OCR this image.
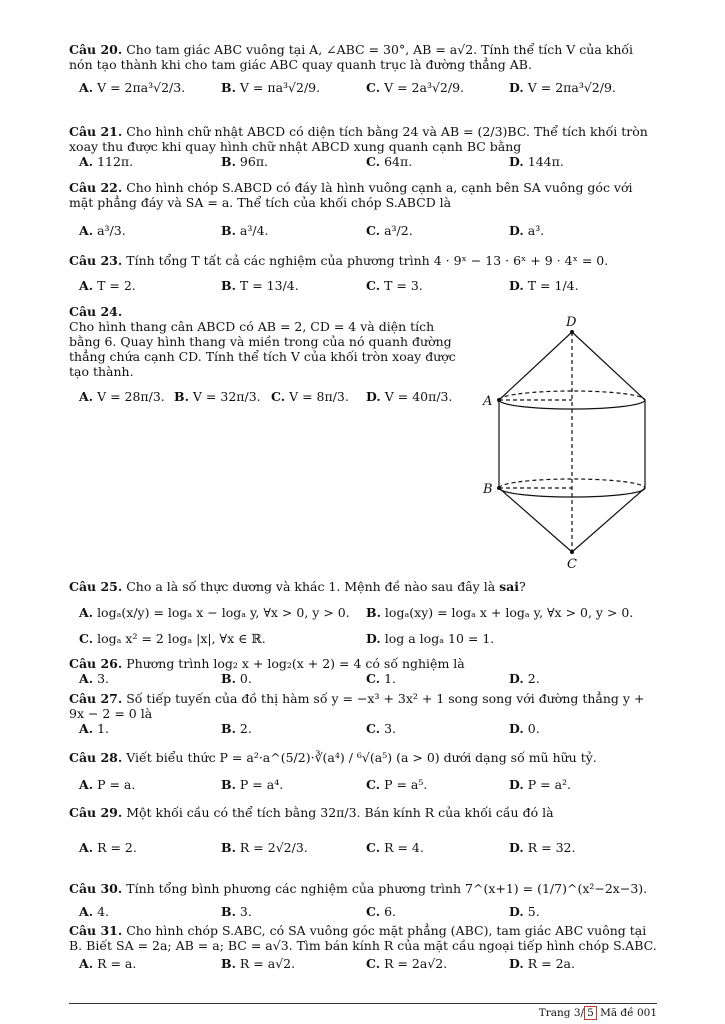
Câu 20. Cho tam giác ABC vuông tại A, ∠ABC = 30°, AB = a√2. Tính thể tích V của khối nón tạo thành khi cho tam giác ABC quay quanh trục là đường thẳng AB.

A. V = 2πa³√2/3.	B. V = πa³√2/9.	C. V = 2a³√2/9.	D. V = 2πa³√2/9.

Câu 21. Cho hình chữ nhật ABCD có diện tích bằng 24 và AB = (2/3)BC. Thể tích khối tròn xoay thu được khi quay hình chữ nhật ABCD xung quanh cạnh BC bằng

A. 112π.	B. 96π.	C. 64π.	D. 144π.

Câu 22. Cho hình chóp S.ABCD có đáy là hình vuông cạnh a, cạnh bên SA vuông góc với mặt phẳng đáy và SA = a. Thể tích của khối chóp S.ABCD là

A. a³/3.	B. a³/4.	C. a³/2.	D. a³.

Câu 23. Tính tổng T tất cả các nghiệm của phương trình 4 · 9ˣ − 13 · 6ˣ + 9 · 4ˣ = 0.

A. T = 2.	B. T = 13/4.	C. T = 3.	D. T = 1/4.

Câu 24.

Cho hình thang cân ABCD có AB = 2, CD = 4 và diện tích bằng 6. Quay hình thang và miền trong của nó quanh đường thẳng chứa cạnh CD. Tính thể tích V của khối tròn xoay được tạo thành.

A. V = 28π/3. B. V = 32π/3. C. V = 8π/3. D. V = 40π/3.
D
A
B
C

Câu 25. Cho a là số thực dương và khác 1. Mệnh đề nào sau đây là sai?

A. logₐ(x/y) = logₐ x − logₐ y, ∀x > 0, y > 0. B. logₐ(xy) = logₐ x + logₐ y, ∀x > 0, y > 0.
C. logₐ x² = 2 logₐ |x|, ∀x ∈ ℝ.	D. log a logₐ 10 = 1.

Câu 26. Phương trình log₂ x + log₂(x + 2) = 4 có số nghiệm là

A. 3.	B. 0.	C. 1.	D. 2.

Câu 27. Số tiếp tuyến của đồ thị hàm số y = −x³ + 3x² + 1 song song với đường thẳng y + 9x − 2 = 0 là

A. 1.	B. 2.	C. 3.	D. 0.

Câu 28. Viết biểu thức P = a²·a^(5/2)·∛(a⁴) / ⁶√(a⁵) (a > 0) dưới dạng số mũ hữu tỷ.

A. P = a.	B. P = a⁴.	C. P = a⁵.	D. P = a².

Câu 29. Một khối cầu có thể tích bằng 32π/3. Bán kính R của khối cầu đó là

A. R = 2.	B. R = 2√2/3.	C. R = 4.	D. R = 32.

Câu 30. Tính tổng bình phương các nghiệm của phương trình 7^(x+1) = (1/7)^(x²−2x−3).

A. 4.	B. 3.	C. 6.	D. 5.

Câu 31. Cho hình chóp S.ABC, có SA vuông góc mặt phẳng (ABC), tam giác ABC vuông tại B. Biết SA = 2a; AB = a; BC = a√3. Tìm bán kính R của mặt cầu ngoại tiếp hình chóp S.ABC.

A. R = a.	B. R = a√2.	C. R = 2a√2.	D. R = 2a.
Trang 3/ 5 Mã đề 001
